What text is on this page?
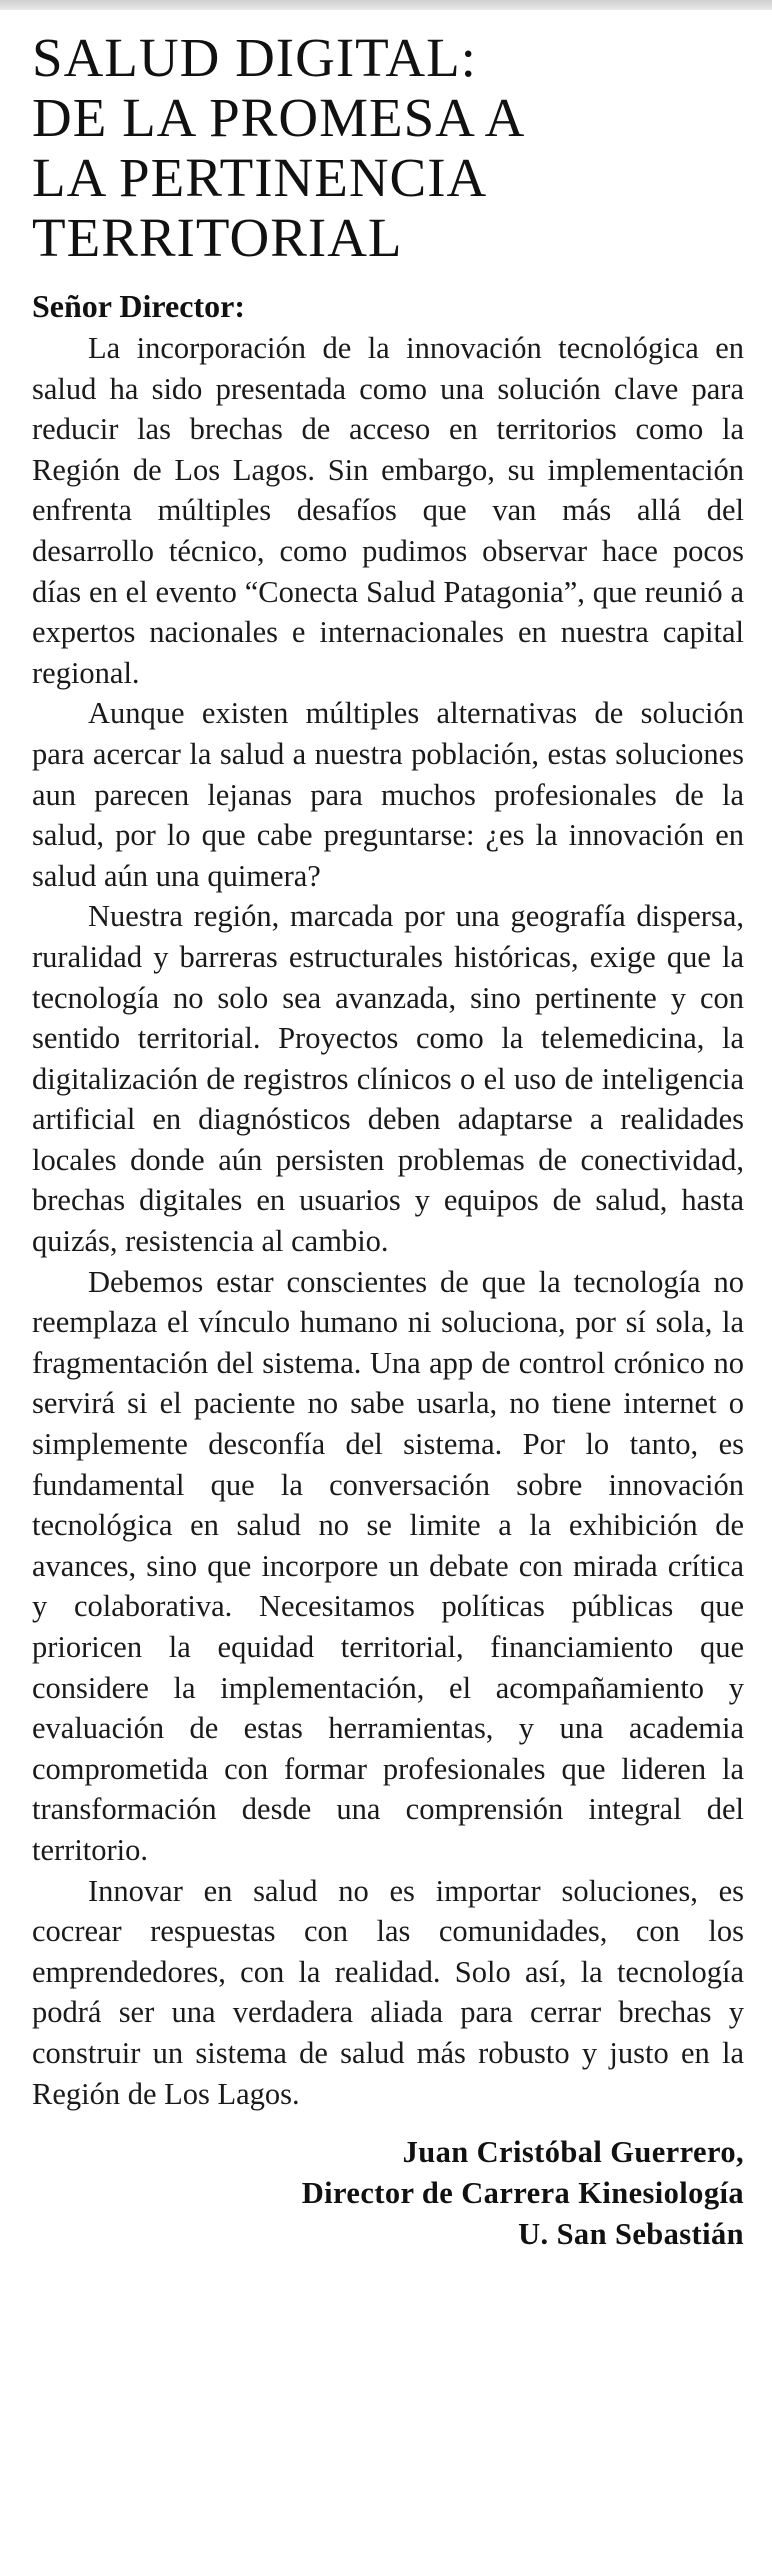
SALUD DIGITAL:
DE LA PROMESA A
LA PERTINENCIA
TERRITORIAL
Señor Director:

La incorporación de la innovación tecnológica en salud ha sido presentada como una solución clave para reducir las brechas de acceso en territorios como la Región de Los Lagos. Sin embargo, su implementación enfrenta múltiples desafíos que van más allá del desarrollo técnico, como pudimos observar hace pocos días en el evento “Conecta Salud Patagonia”, que reunió a expertos nacionales e internacionales en nuestra capital regional.

Aunque existen múltiples alternativas de solución para acercar la salud a nuestra población, estas soluciones aun parecen lejanas para muchos profesionales de la salud, por lo que cabe preguntarse: ¿es la innovación en salud aún una quimera?

Nuestra región, marcada por una geografía dispersa, ruralidad y barreras estructurales históricas, exige que la tecnología no solo sea avanzada, sino pertinente y con sentido territorial. Proyectos como la telemedicina, la digitalización de registros clínicos o el uso de inteligencia artificial en diagnósticos deben adaptarse a realidades locales donde aún persisten problemas de conectividad, brechas digitales en usuarios y equipos de salud, hasta quizás, resistencia al cambio.

Debemos estar conscientes de que la tecnología no reemplaza el vínculo humano ni soluciona, por sí sola, la fragmentación del sistema. Una app de control crónico no servirá si el paciente no sabe usarla, no tiene internet o simplemente desconfía del sistema. Por lo tanto, es fundamental que la conversación sobre innovación tecnológica en salud no se limite a la exhibición de avances, sino que incorpore un debate con mirada crítica y colaborativa. Necesitamos políticas públicas que prioricen la equidad territorial, financiamiento que considere la implementación, el acompañamiento y evaluación de estas herramientas, y una academia comprometida con formar profesionales que lideren la transformación desde una comprensión integral del territorio.

Innovar en salud no es importar soluciones, es cocrear respuestas con las comunidades, con los emprendedores, con la realidad. Solo así, la tecnología podrá ser una verdadera aliada para cerrar brechas y construir un sistema de salud más robusto y justo en la Región de Los Lagos.

Juan Cristóbal Guerrero,
Director de Carrera Kinesiología
U. San Sebastián
